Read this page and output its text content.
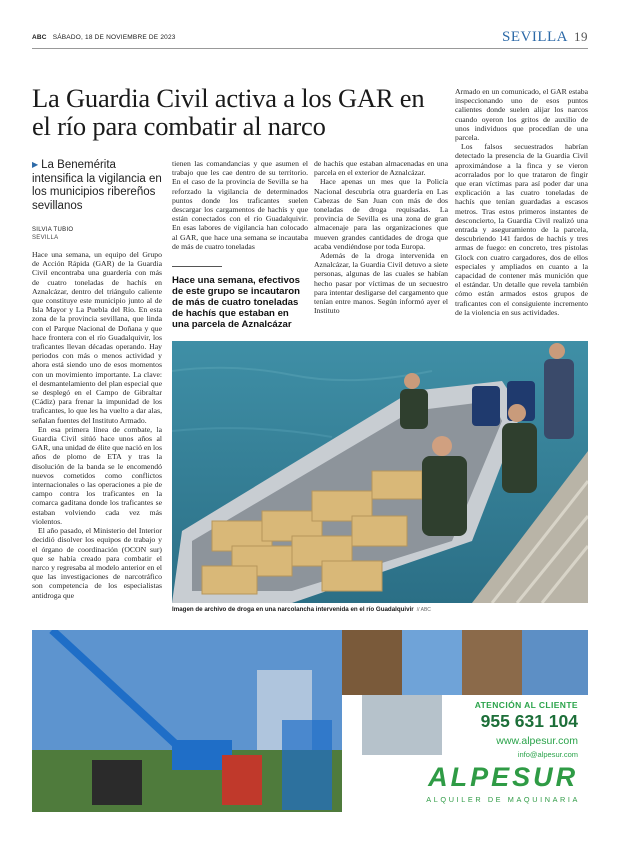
ABC SÁBADO, 18 DE NOVIEMBRE DE 2023	SEVILLA 19
La Guardia Civil activa a los GAR en el río para combatir al narco
▶ La Benemérita intensifica la vigilancia en los municipios ribereños sevillanos
SILVIA TUBIO
SEVILLA

Hace una semana, un equipo del Grupo de Acción Rápida (GAR) de la Guardia Civil encontraba una guardería con más de cuatro toneladas de hachís en Aznalcázar, dentro del triángulo caliente que constituye este municipio junto al de Isla Mayor y La Puebla del Río. En esta zona de la provincia sevillana, que linda con el Parque Nacional de Doñana y que hace frontera con el río Guadalquivir, los traficantes llevan décadas operando. Hay periodos con más o menos actividad y ahora está siendo uno de esos momentos con un movimiento importante. La clave: el desmantelamiento del plan especial que se desplegó en el Campo de Gibraltar (Cádiz) para frenar la impunidad de los traficantes, lo que les ha vuelto a dar alas, señalan fuentes del Instituto Armado.

En esa primera línea de combate, la Guardia Civil sitúó hace unos años al GAR, una unidad de élite que nació en los años de plomo de ETA y tras la disolución de la banda se le encomendó nuevos cometidos como conflictos internacionales o las operaciones a pie de campo contra los traficantes en la comarca gaditana donde los traficantes se estaban volviendo cada vez más violentos.

El año pasado, el Ministerio del Interior decidió disolver los equipos de trabajo y el órgano de coordinación (OCON sur) que se había creado para combatir el narco y regresaba al modelo anterior en el que las investigaciones de narcotráfico son competencia de los especialistas antidroga que

tienen las comandancias y que asumen el trabajo que les cae dentro de su territorio. En el caso de la provincia de Sevilla se ha reforzado la vigilancia de determinados puntos donde los traficantes suelen descargar los cargamentos de hachís y que están conectados con el río Guadalquivir. En esas labores de vigilancia han colocado al GAR, que hace una semana se incautaba de más de cuatro toneladas

Hace una semana, efectivos de este grupo se incautaron de más de cuatro toneladas de hachís que estaban en una parcela de Aznalcázar

de hachís que estaban almacenadas en una parcela en el exterior de Aznalcázar.

Hace apenas un mes que la Policía Nacional descubría otra guardería en Las Cabezas de San Juan con más de dos toneladas de droga requisadas. La provincia de Sevilla es una zona de gran almacenaje para las organizaciones que mueven grandes cantidades de droga que acaba vendiéndose por toda Europa.

Además de la droga intervenida en Aznalcázar, la Guardia Civil detuvo a siete personas, algunas de las cuales se habían hecho pasar por víctimas de un secuestro para intentar desligarse del cargamento que tenían entre manos. Según informó ayer el Instituto

Armado en un comunicado, el GAR estaba inspeccionando uno de esos puntos calientes donde suelen alijar los narcos cuando oyeron los gritos de auxilio de unos individuos que procedían de una parcela.

Los falsos secuestrados habrían detectado la presencia de la Guardia Civil aproximándose a la finca y se vieron acorralados por lo que trataron de fingir que eran víctimas para así poder dar una explicación a las cuatro toneladas de hachís que tenían guardadas a escasos metros. Tras estos primeros instantes de desconcierto, la Guardia Civil realizó una entrada y aseguramiento de la parcela, descubriendo 141 fardos de hachís y tres armas de fuego: en concreto, tres pistolas Glock con cuatro cargadores, dos de ellos especiales y ampliados en cuanto a la capacidad de contener más munición que el estándar. Un detalle que revela también cómo están armados estos grupos de traficantes con el consiguiente incremento de la violencia en sus actividades.

Imagen de archivo de droga en una narcolancha intervenida en el río Guadalquivir // ABC
ATENCIÓN AL CLIENTE
955 631 104
www.alpesur.com
info@alpesur.com
ALPESUR
ALQUILER DE MAQUINARIA
